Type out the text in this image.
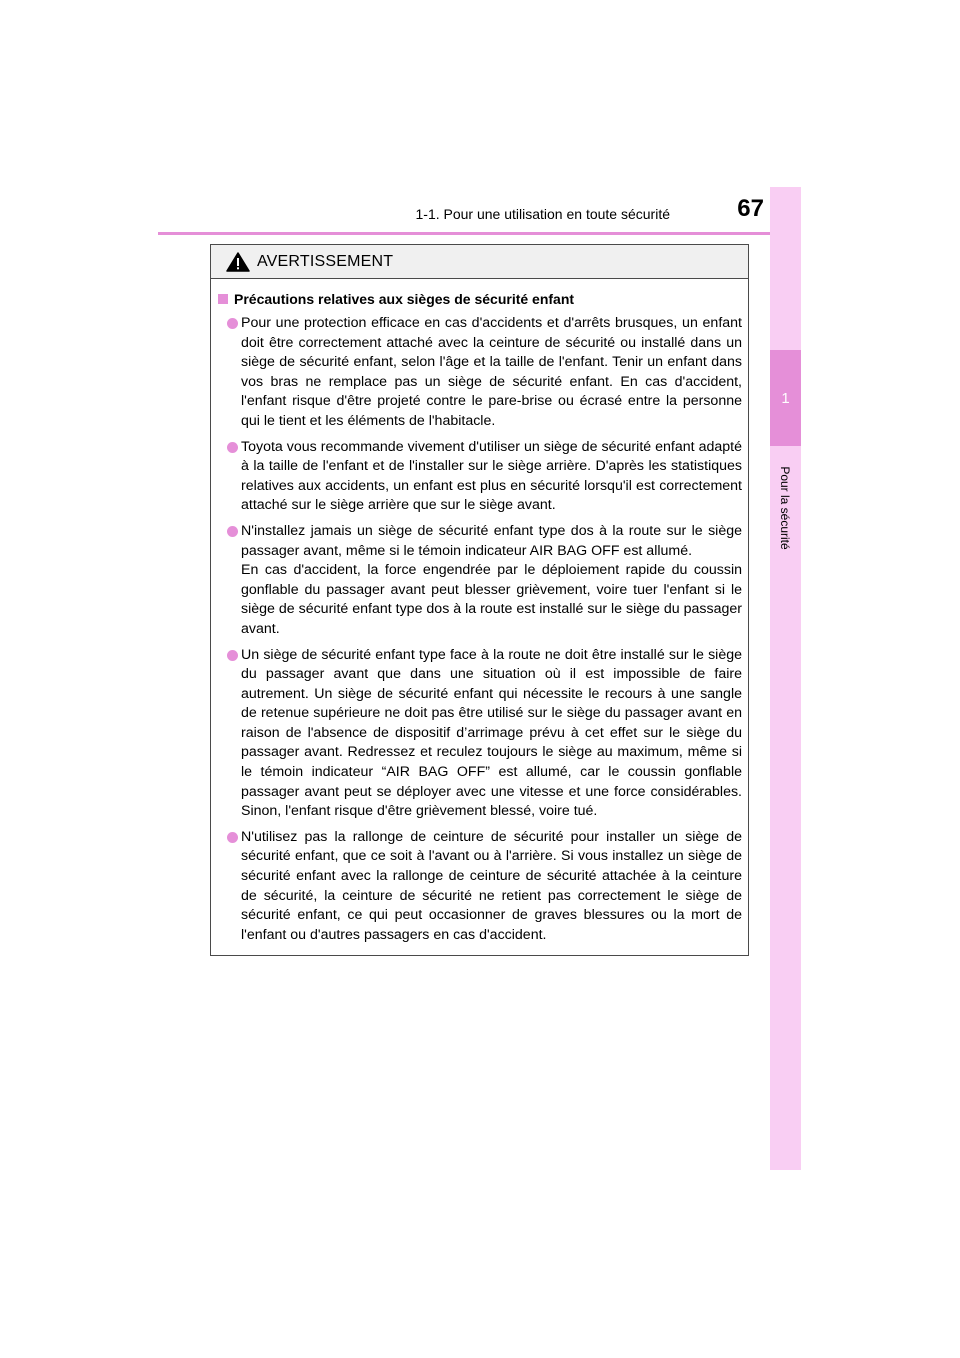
1-1. Pour une utilisation en toute sécurité	67
1
Pour la sécurité
AVERTISSEMENT
Précautions relatives aux sièges de sécurité enfant
Pour une protection efficace en cas d'accidents et d'arrêts brusques, un enfant doit être correctement attaché avec la ceinture de sécurité ou installé dans un siège de sécurité enfant, selon l'âge et la taille de l'enfant. Tenir un enfant dans vos bras ne remplace pas un siège de sécurité enfant. En cas d'accident, l'enfant risque d'être projeté contre le pare-brise ou écrasé entre la personne qui le tient et les éléments de l'habitacle.
Toyota vous recommande vivement d'utiliser un siège de sécurité enfant adapté à la taille de l'enfant et de l'installer sur le siège arrière. D'après les statistiques relatives aux accidents, un enfant est plus en sécurité lorsqu'il est correctement attaché sur le siège arrière que sur le siège avant.
N'installez jamais un siège de sécurité enfant type dos à la route sur le siège passager avant, même si le témoin indicateur AIR BAG OFF est allumé.
En cas d'accident, la force engendrée par le déploiement rapide du coussin gonflable du passager avant peut blesser grièvement, voire tuer l'enfant si le siège de sécurité enfant type dos à la route est installé sur le siège du passager avant.
Un siège de sécurité enfant type face à la route ne doit être installé sur le siège du passager avant que dans une situation où il est impossible de faire autrement. Un siège de sécurité enfant qui nécessite le recours à une sangle de retenue supérieure ne doit pas être utilisé sur le siège du passager avant en raison de l'absence de dispositif d’arrimage prévu à cet effet sur le siège du passager avant. Redressez et reculez toujours le siège au maximum, même si le témoin indicateur “AIR BAG OFF” est allumé, car le coussin gonflable passager avant peut se déployer avec une vitesse et une force considérables. Sinon, l'enfant risque d'être grièvement blessé, voire tué.
N'utilisez pas la rallonge de ceinture de sécurité pour installer un siège de sécurité enfant, que ce soit à l'avant ou à l'arrière. Si vous installez un siège de sécurité enfant avec la rallonge de ceinture de sécurité attachée à la ceinture de sécurité, la ceinture de sécurité ne retient pas correctement le siège de sécurité enfant, ce qui peut occasionner de graves blessures ou la mort de l'enfant ou d'autres passagers en cas d'accident.
